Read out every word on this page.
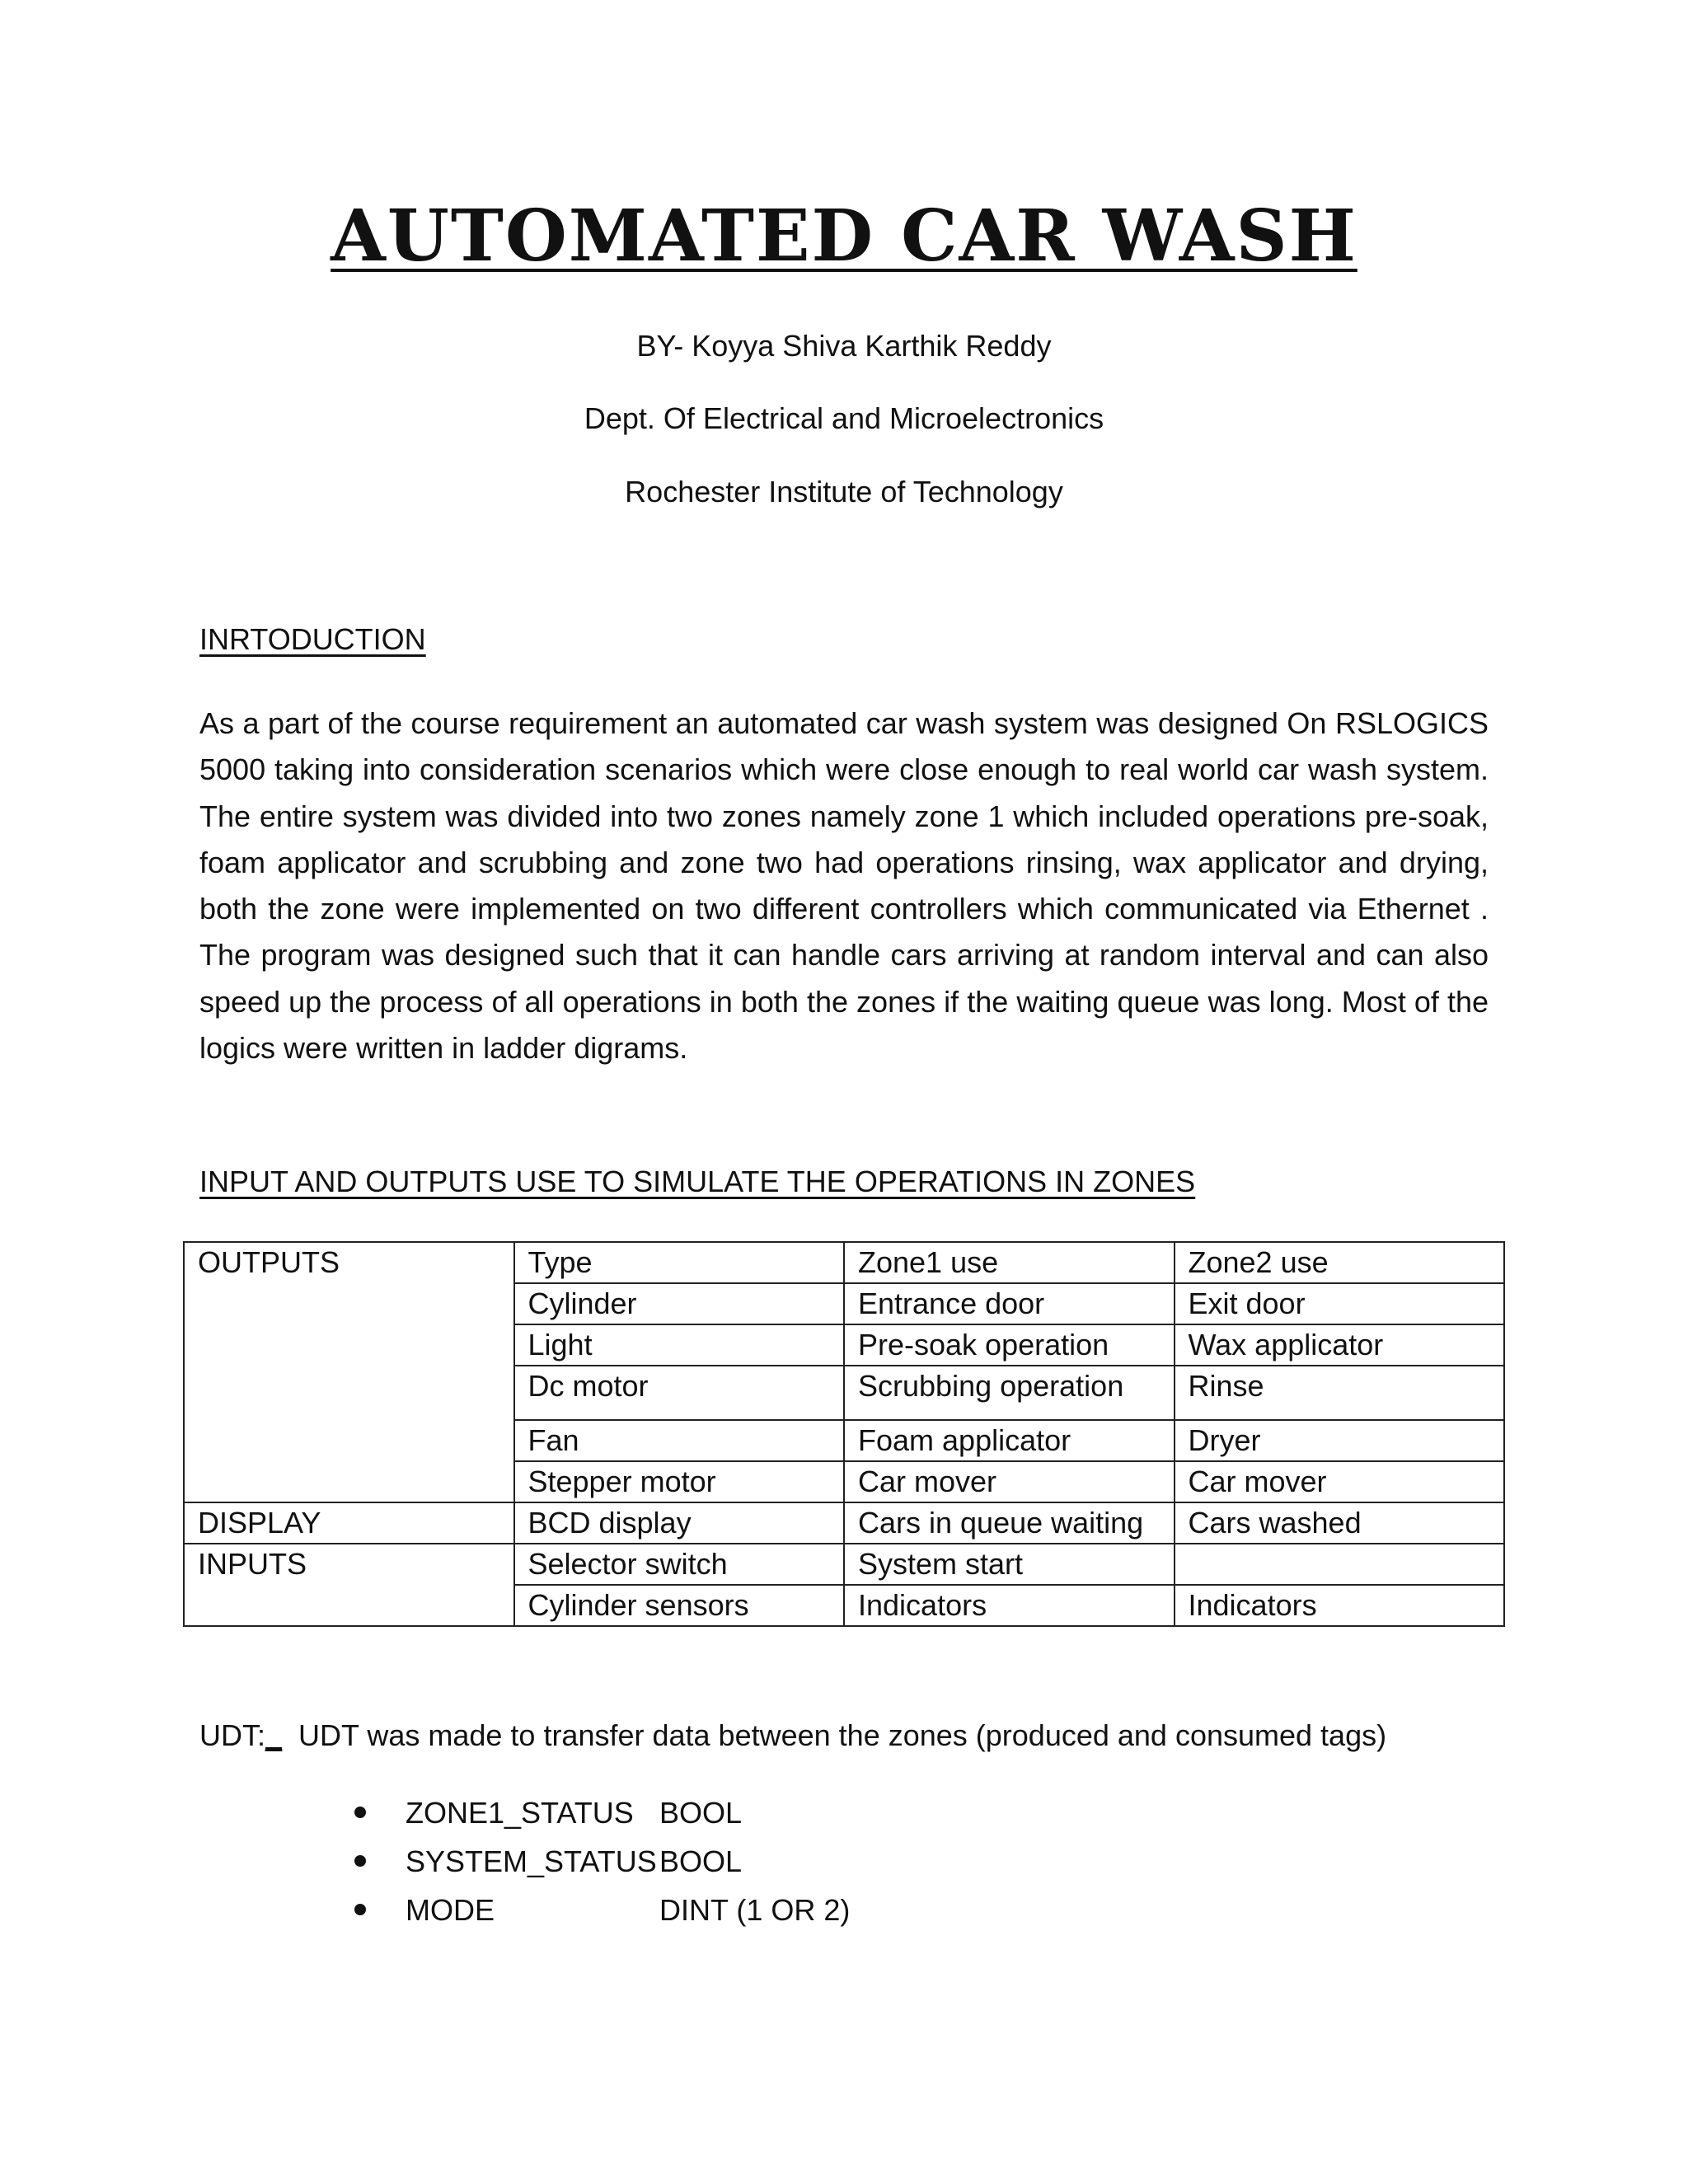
AUTOMATED CAR WASH
BY- Koyya Shiva Karthik Reddy
Dept. Of Electrical and Microelectronics
Rochester Institute of Technology
INRTODUCTION
As a part of the course requirement an automated car wash system was designed On RSLOGICS 5000 taking into consideration scenarios which were close enough to real world car wash system. The entire system was divided into two zones namely zone 1 which included operations pre-soak, foam applicator and scrubbing and zone two had operations rinsing, wax applicator and drying, both the zone were implemented on two different controllers which communicated via Ethernet . The program was designed such that it can handle cars arriving at random interval and can also speed up the process of all operations in both the zones if the waiting queue was long. Most of the logics were written in ladder digrams.
INPUT AND OUTPUTS USE TO SIMULATE THE OPERATIONS IN ZONES
OUTPUTS	Type	Zone1 use	Zone2 use
	Cylinder	Entrance door	Exit door
	Light	Pre-soak operation	Wax applicator
	Dc motor	Scrubbing operation	Rinse
	Fan	Foam applicator	Dryer
	Stepper motor	Car mover	Car mover
DISPLAY	BCD display	Cars in queue waiting	Cars washed
INPUTS	Selector switch	System start	
	Cylinder sensors	Indicators	Indicators
UDT:_ UDT was made to transfer data between the zones (produced and consumed tags)
ZONE1_STATUS BOOL
SYSTEM_STATUS BOOL
MODE	DINT (1 OR 2)
